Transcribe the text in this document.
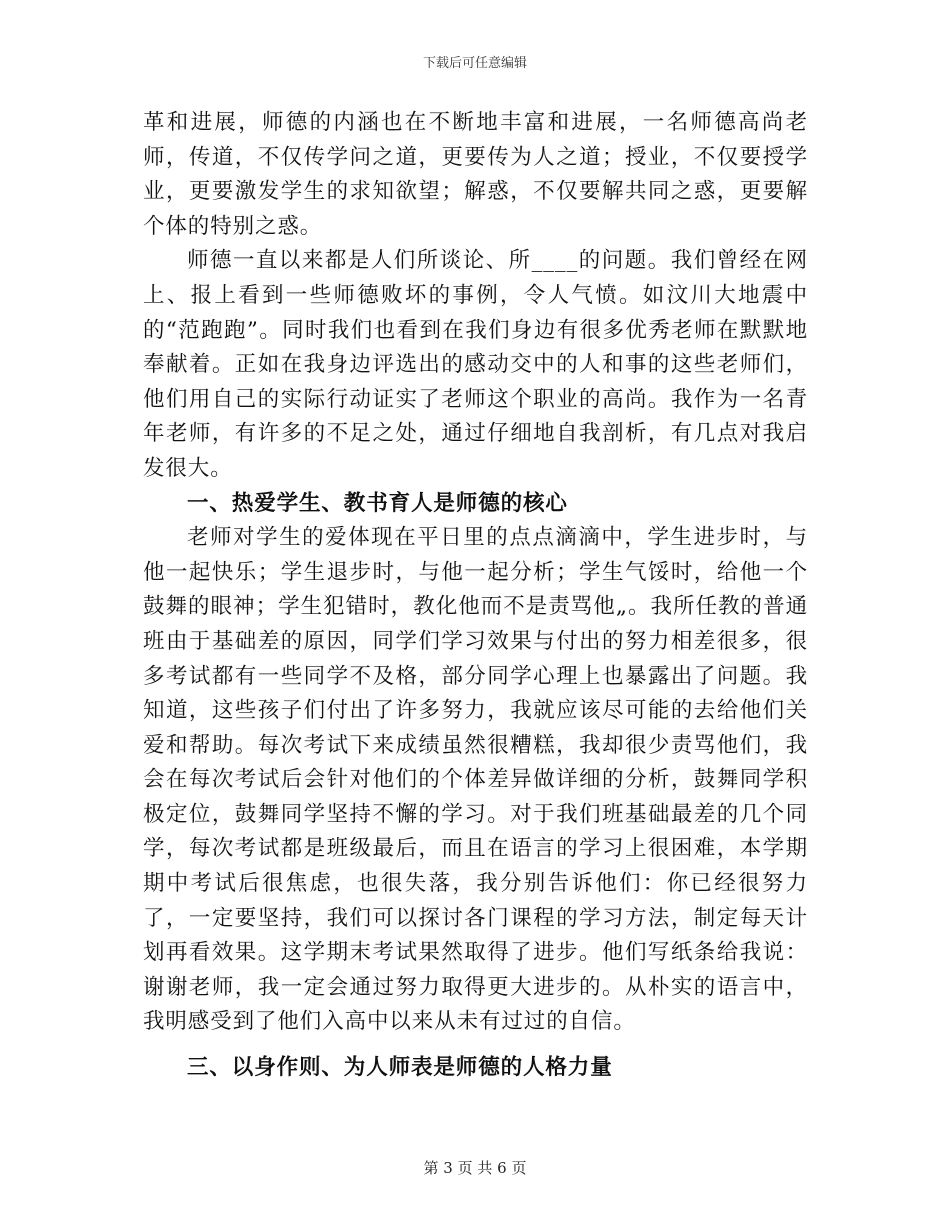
下载后可任意编辑

革和进展，师德的内涵也在不断地丰富和进展，一名师德高尚老师，传道，不仅传学问之道，更要传为人之道；授业，不仅要授学业，更要激发学生的求知欲望；解惑，不仅要解共同之惑，更要解个体的特别之惑。

师德一直以来都是人们所谈论、所____的问题。我们曾经在网上、报上看到一些师德败坏的事例，令人气愤。如汶川大地震中的“范跑跑”。同时我们也看到在我们身边有很多优秀老师在默默地奉献着。正如在我身边评选出的感动交中的人和事的这些老师们，他们用自己的实际行动证实了老师这个职业的高尚。我作为一名青年老师，有许多的不足之处，通过仔细地自我剖析，有几点对我启发很大。

一、热爱学生、教书育人是师德的核心

老师对学生的爱体现在平日里的点点滴滴中，学生进步时，与他一起快乐；学生退步时，与他一起分析；学生气馁时，给他一个鼓舞的眼神；学生犯错时，教化他而不是责骂他„。我所任教的普通班由于基础差的原因，同学们学习效果与付出的努力相差很多，很多考试都有一些同学不及格，部分同学心理上也暴露出了问题。我知道，这些孩子们付出了许多努力，我就应该尽可能的去给他们关爱和帮助。每次考试下来成绩虽然很糟糕，我却很少责骂他们，我会在每次考试后会针对他们的个体差异做详细的分析，鼓舞同学积极定位，鼓舞同学坚持不懈的学习。对于我们班基础最差的几个同学，每次考试都是班级最后，而且在语言的学习上很困难，本学期期中考试后很焦虑，也很失落，我分别告诉他们：你已经很努力了，一定要坚持，我们可以探讨各门课程的学习方法，制定每天计划再看效果。这学期末考试果然取得了进步。他们写纸条给我说：谢谢老师，我一定会通过努力取得更大进步的。从朴实的语言中，我明感受到了他们入高中以来从未有过过的自信。

三、以身作则、为人师表是师德的人格力量

第 3 页 共 6 页
